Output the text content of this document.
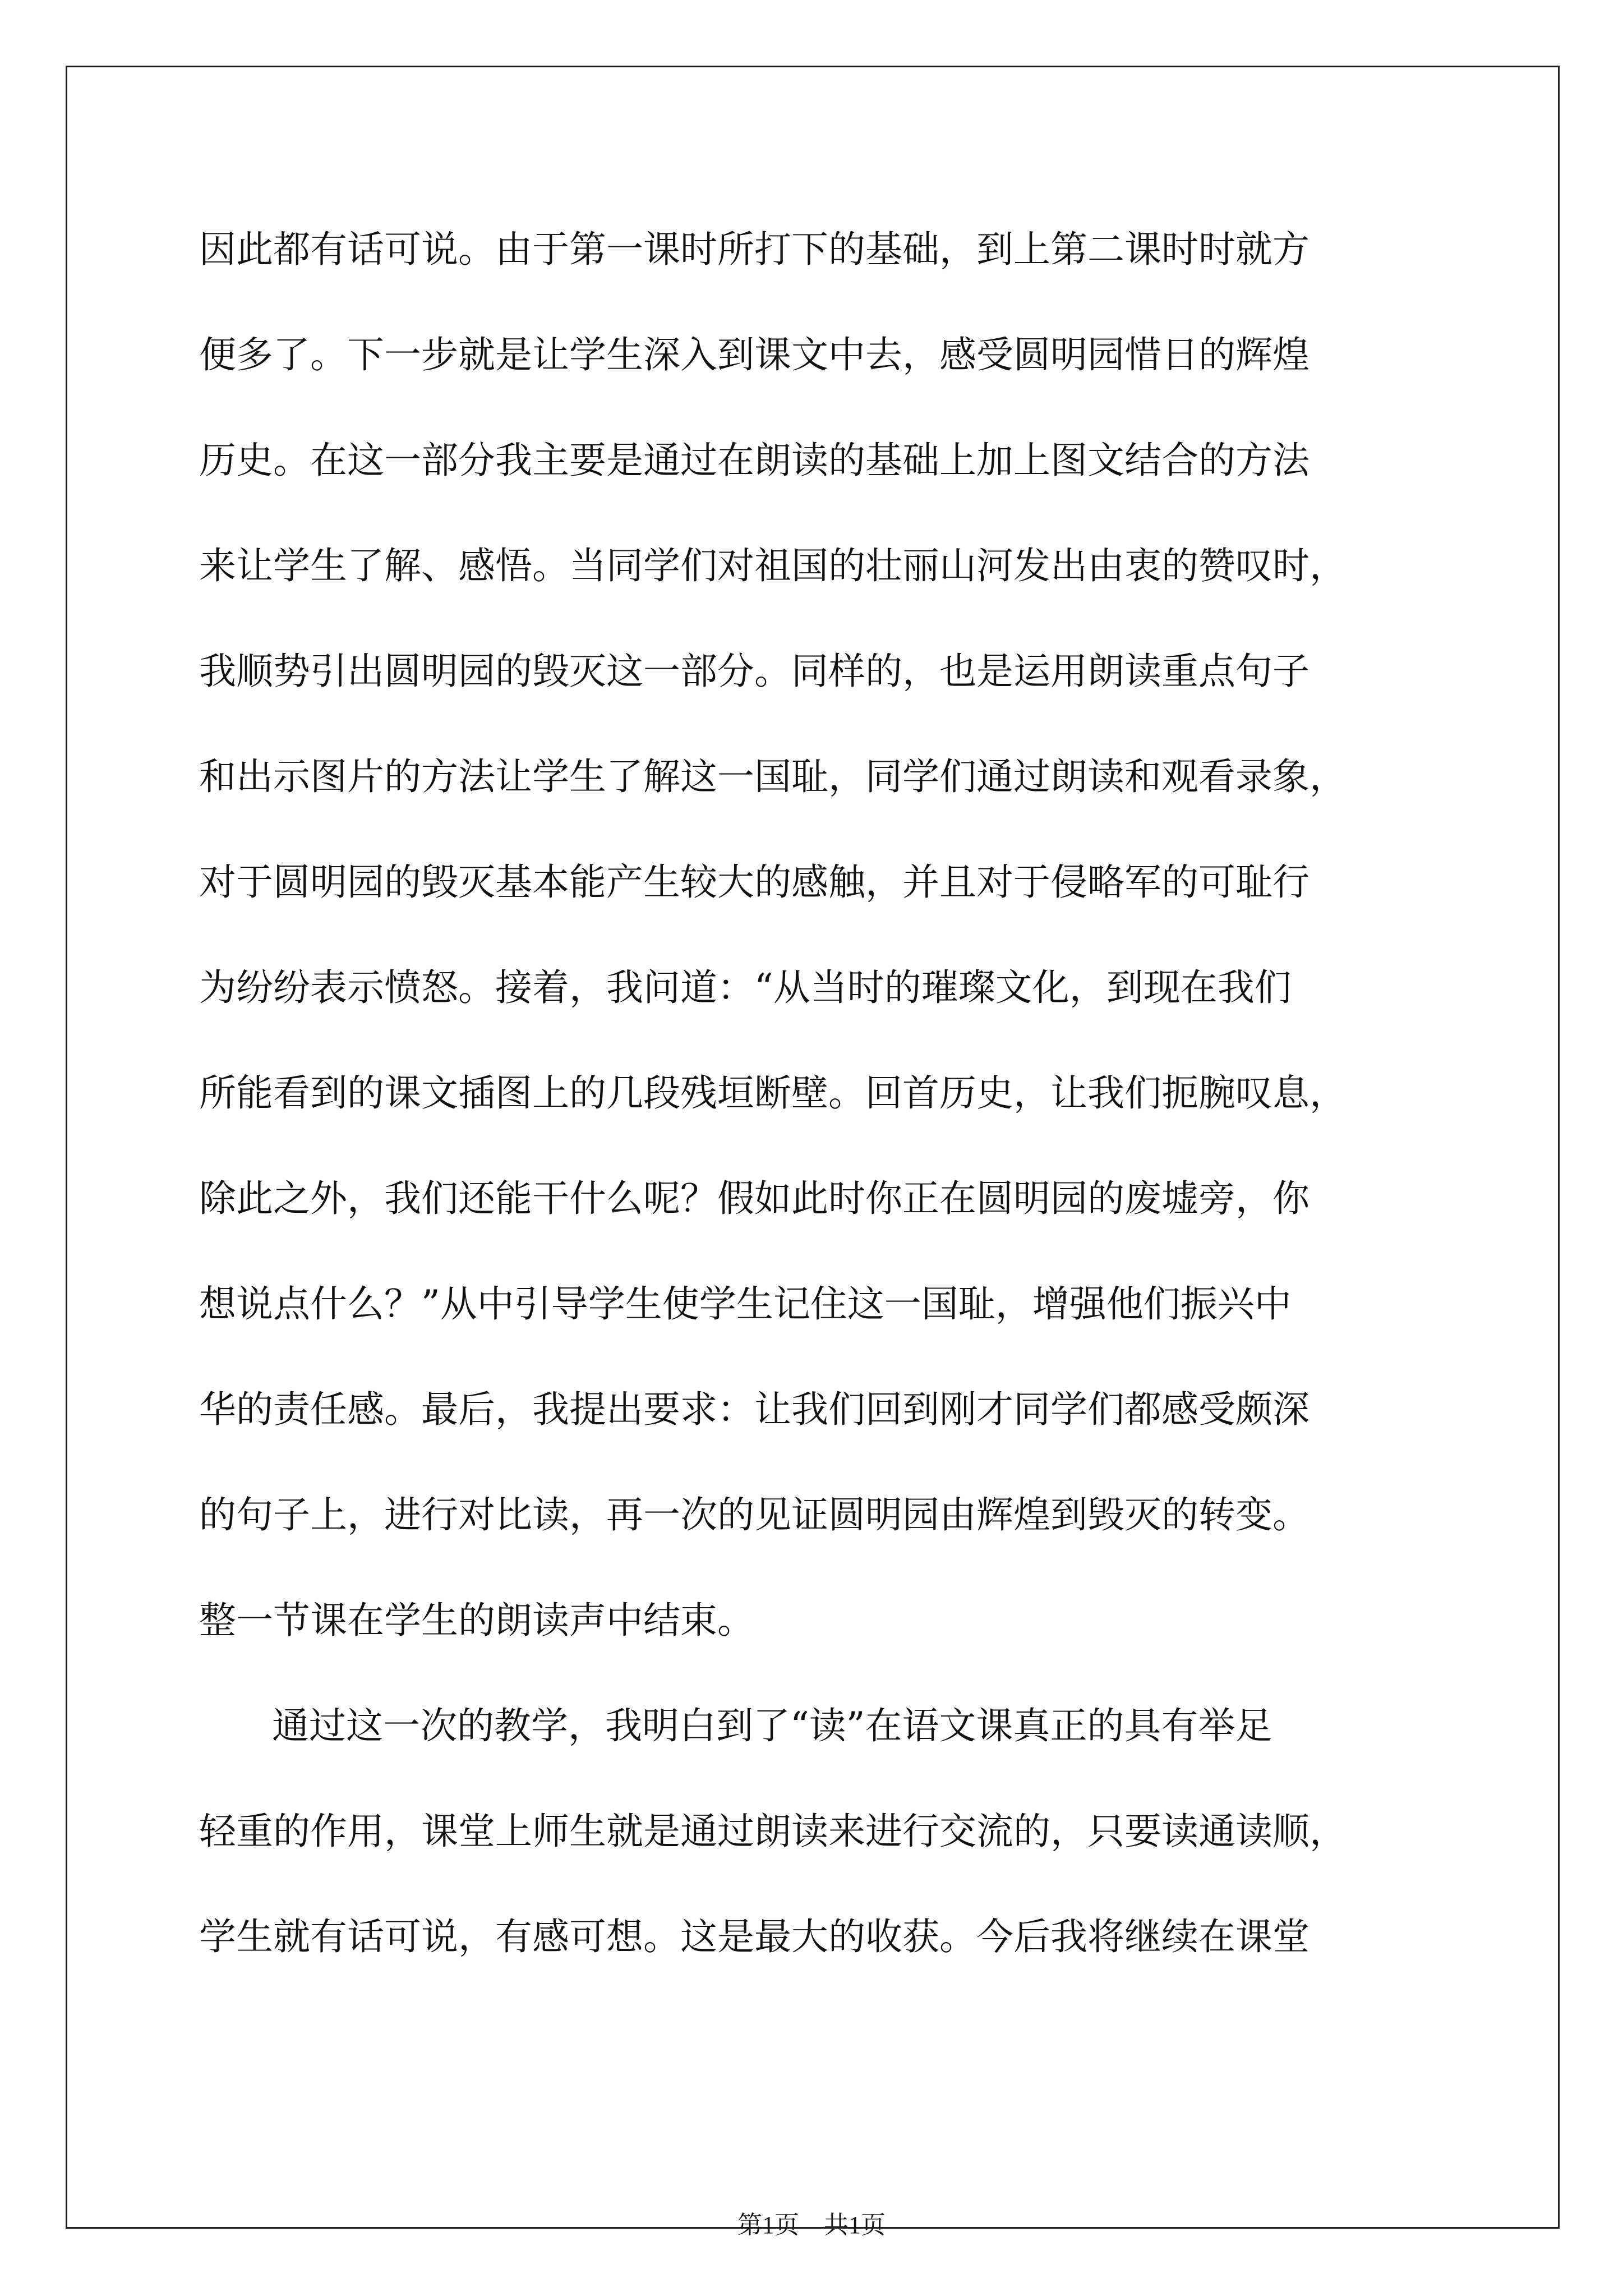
因此都有话可说。由于第一课时所打下的基础，到上第二课时时就方
便多了。下一步就是让学生深入到课文中去，感受圆明园惜日的辉煌
历史。在这一部分我主要是通过在朗读的基础上加上图文结合的方法
来让学生了解、感悟。当同学们对祖国的壮丽山河发出由衷的赞叹时，
我顺势引出圆明园的毁灭这一部分。同样的，也是运用朗读重点句子
和出示图片的方法让学生了解这一国耻，同学们通过朗读和观看录象，
对于圆明园的毁灭基本能产生较大的感触，并且对于侵略军的可耻行
为纷纷表示愤怒。接着，我问道：“从当时的璀璨文化，到现在我们
所能看到的课文插图上的几段残垣断壁。回首历史，让我们扼腕叹息，
除此之外，我们还能干什么呢？假如此时你正在圆明园的废墟旁，你
想说点什么？”从中引导学生使学生记住这一国耻，增强他们振兴中
华的责任感。最后，我提出要求：让我们回到刚才同学们都感受颇深
的句子上，进行对比读，再一次的见证圆明园由辉煌到毁灭的转变。
整一节课在学生的朗读声中结束。
通过这一次的教学，我明白到了“读”在语文课真正的具有举足
轻重的作用，课堂上师生就是通过朗读来进行交流的，只要读通读顺，
学生就有话可说，有感可想。这是最大的收获。今后我将继续在课堂
第1页 共1页
